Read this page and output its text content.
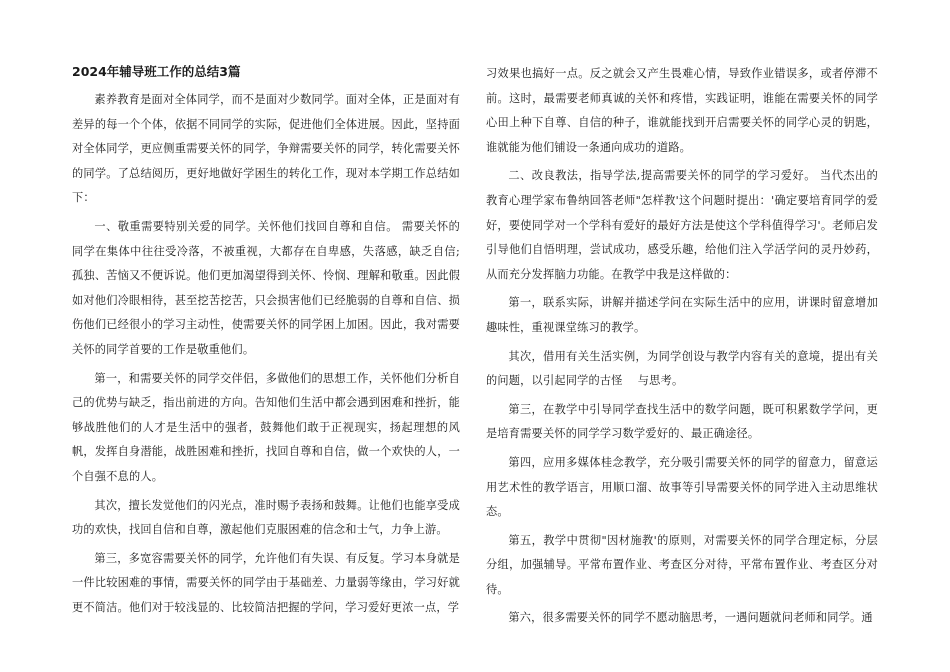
2024年辅导班工作的总结3篇

素养教育是面对全体同学，而不是面对少数同学。面对全体，正是面对有差异的每一个个体，依据不同同学的实际，促进他们全体进展。因此，坚持面对全体同学，更应侧重需要关怀的同学，争辩需要关怀的同学，转化需要关怀的同学。了总结阅历，更好地做好学困生的转化工作，现对本学期工作总结如下：

一、敬重需要特别关爱的同学。关怀他们找回自尊和自信。 需要关怀的同学在集体中往往受冷落，不被重视，大都存在自卑感，失落感，缺乏自信;孤独、苦恼又不便诉说。他们更加渴望得到关怀、怜悯、理解和敬重。因此假如对他们冷眼相待，甚至挖苦挖苦，只会损害他们已经脆弱的自尊和自信、损伤他们已经很小的学习主动性，使需要关怀的同学困上加困。因此，我对需要关怀的同学首要的工作是敬重他们。

第一，和需要关怀的同学交伴侣，多做他们的思想工作，关怀他们分析自己的优势与缺乏，指出前进的方向。告知他们生活中都会遇到困难和挫折，能够战胜他们的人才是生活中的强者，鼓舞他们敢于正视现实，扬起理想的风帆，发挥自身潜能，战胜困难和挫折，找回自尊和自信，做一个欢快的人，一个自强不息的人。

其次，擅长发觉他们的闪光点，准时赐予表扬和鼓舞。让他们也能享受成功的欢快，找回自信和自尊，激起他们克服困难的信念和士气，力争上游。

第三，多宽容需要关怀的同学，允许他们有失误、有反复。学习本身就是一件比较困难的事情，需要关怀的同学由于基础差、力量弱等缘由，学习好就更不简洁。他们对于较浅显的、比较简洁把握的学问，学习爱好更浓一点，学

习效果也搞好一点。反之就会又产生畏难心情，导致作业错误多，或者停滞不前。这时，最需要老师真诚的关怀和疼惜，实践证明，谁能在需要关怀的同学心田上种下自尊、自信的种子，谁就能找到开启需要关怀的同学心灵的钥匙，谁就能为他们铺设一条通向成功的道路。

二、改良教法，指导学法,提高需要关怀的同学的学习爱好。 当代杰出的教育心理学家布鲁纳回答老师"怎样教'这个问题时提出：'确定要培育同学的爱好，要使同学对一个学科有爱好的最好方法是使这个学科值得学习'。老师启发引导他们自悟明理，尝试成功，感受乐趣，给他们注入学活学问的灵丹妙药，从而充分发挥脑力功能。在教学中我是这样做的：

第一，联系实际，讲解并描述学问在实际生活中的应用，讲课时留意增加趣味性，重视课堂练习的教学。

其次，借用有关生活实例，为同学创设与教学内容有关的意境，提出有关的问题，以引起同学的古怪　 与思考。

第三，在教学中引导同学查找生活中的数学问题，既可积累数学学问，更是培育需要关怀的同学学习数学爱好的、最正确途径。

第四，应用多媒体桂念教学，充分吸引需要关怀的同学的留意力，留意运用艺术性的教学语言，用顺口溜、故事等引导需要关怀的同学进入主动思维状态。

第五，教学中贯彻"因材施教'的原则，对需要关怀的同学合理定标，分层分组，加强辅导。平常布置作业、考查区分对待，平常布置作业、考查区分对待。

第六，很多需要关怀的同学不愿动脑思考，一遇问题就问老师和同学。通
